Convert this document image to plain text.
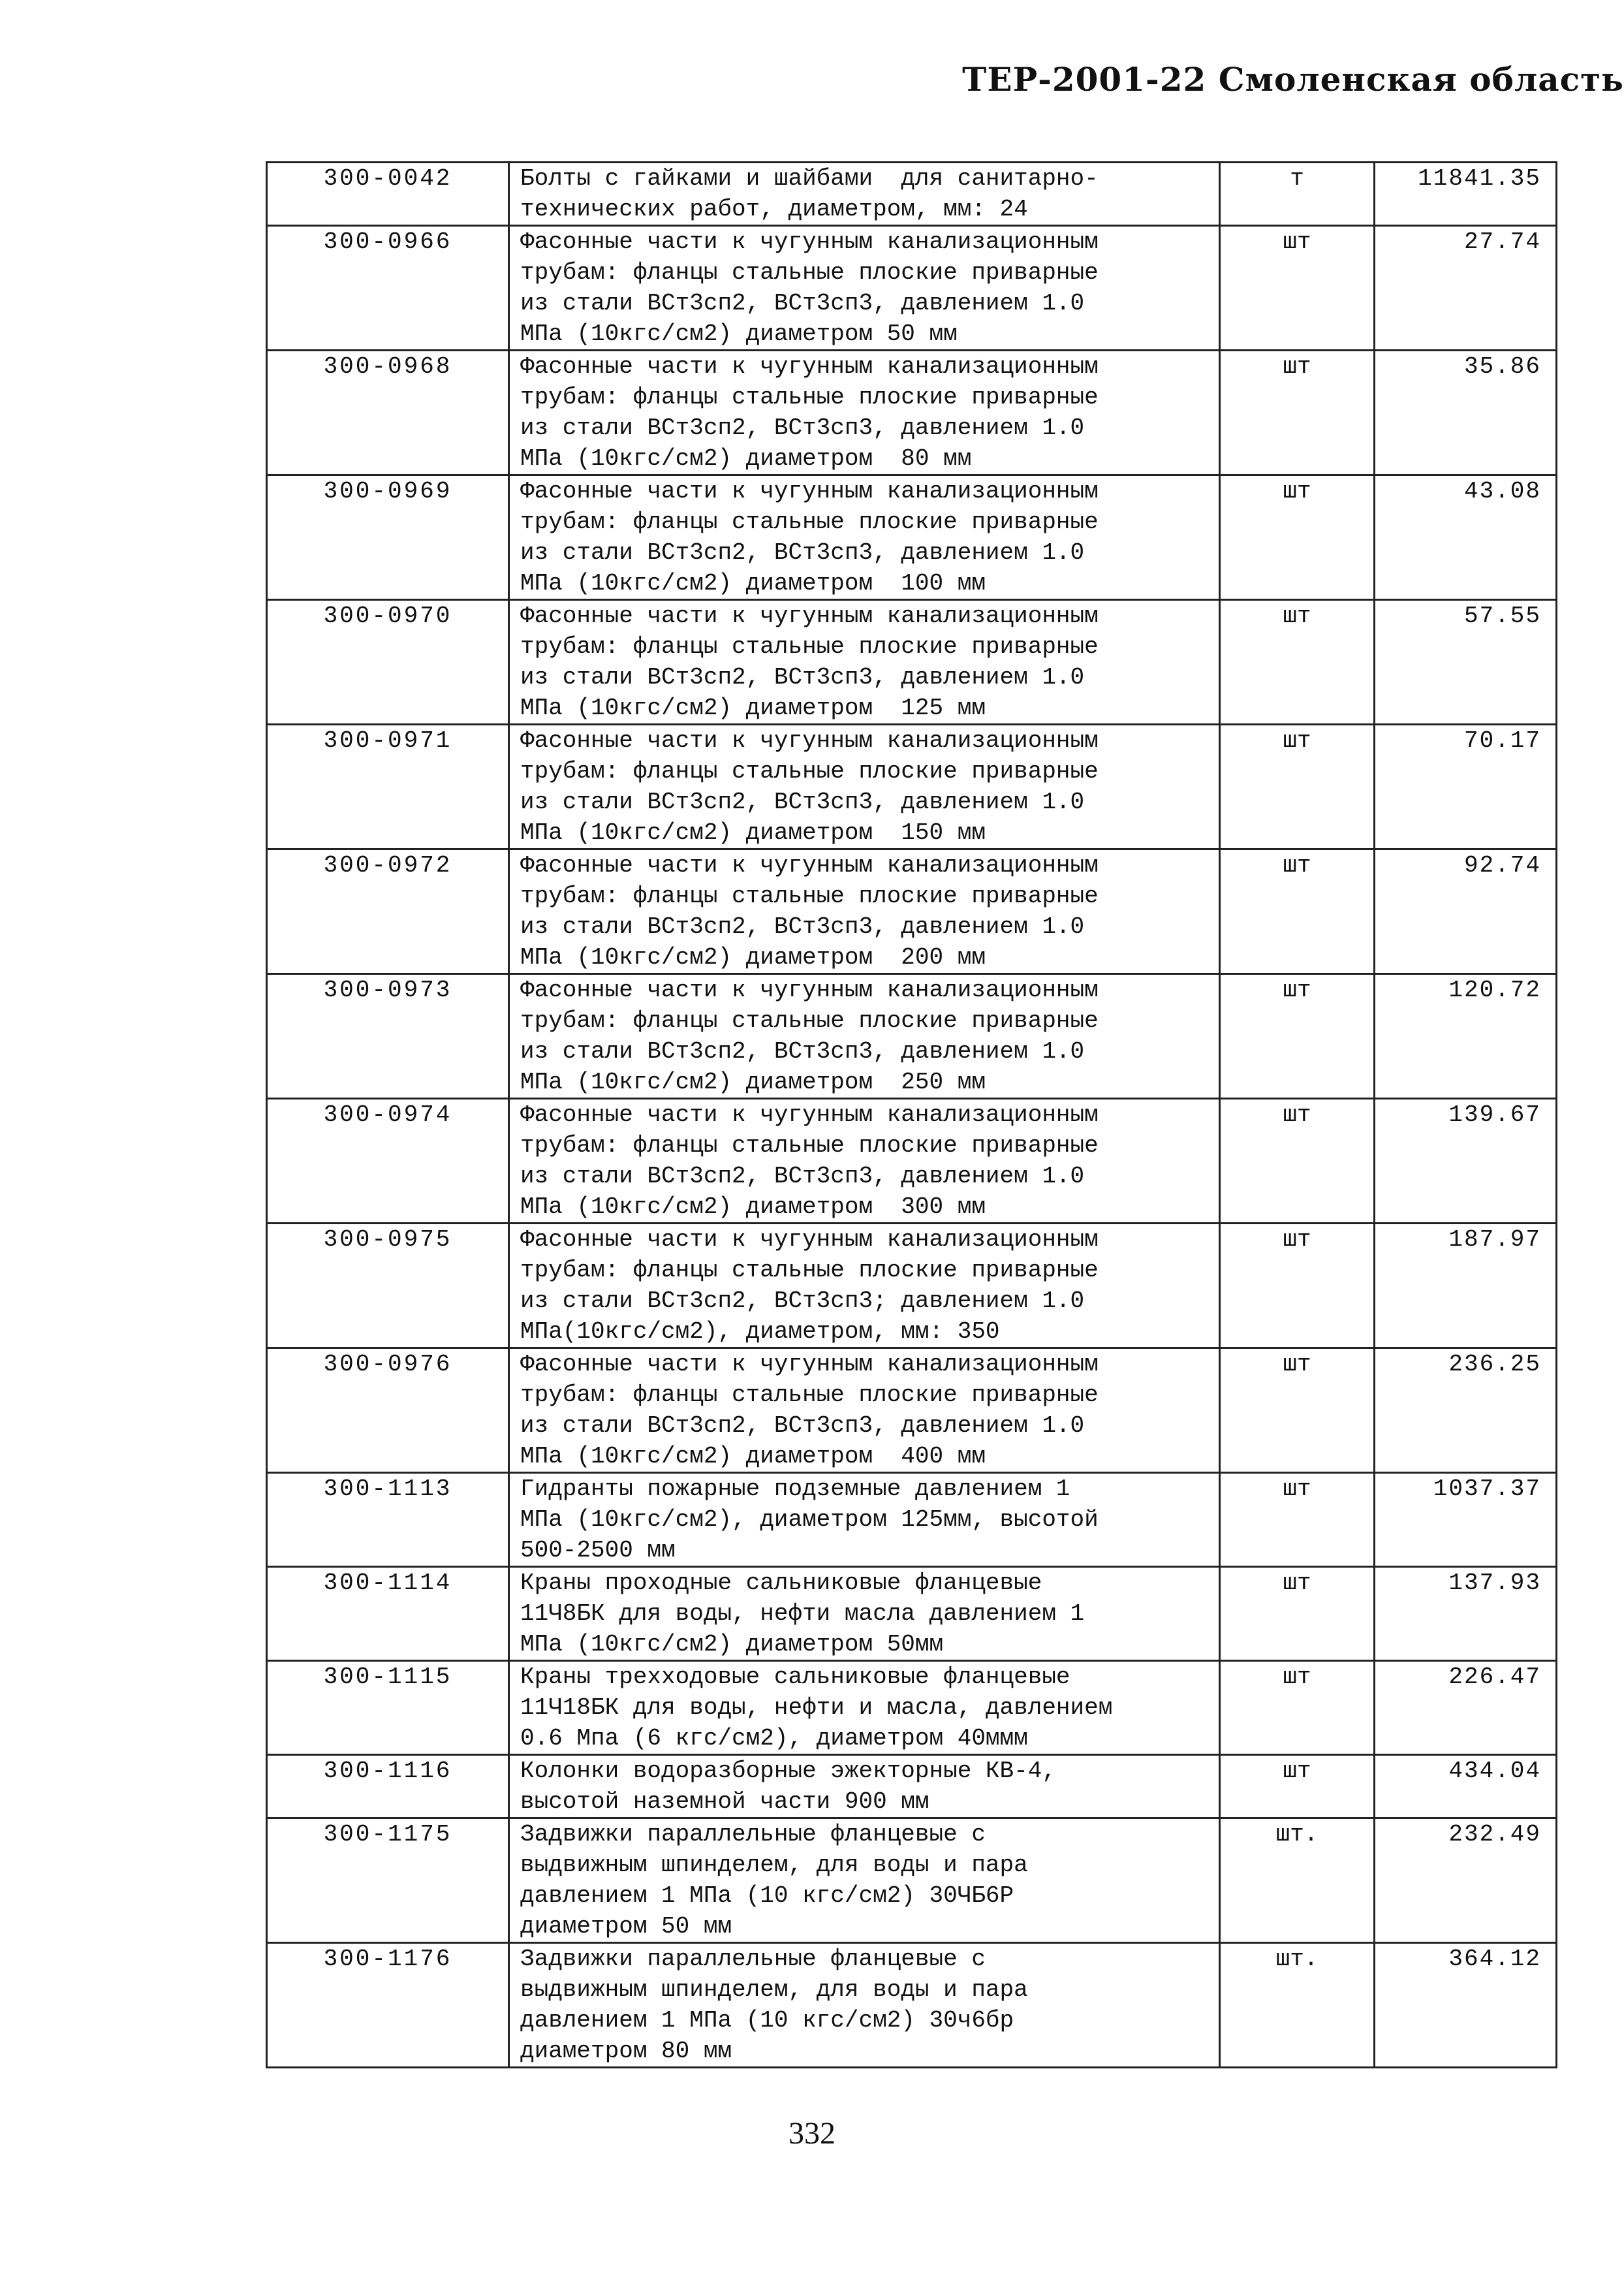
ТЕР-2001-22 Смоленская область
300-0042	Болты с гайками и шайбами  для санитарно-
технических работ, диаметром, мм: 24	т	11841.35
300-0966	Фасонные части к чугунным канализационным
трубам: фланцы стальные плоские приварные
из стали ВСт3сп2, ВСт3сп3, давлением 1.0
МПа (10кгс/см2) диаметром 50 мм	шт	27.74
300-0968	Фасонные части к чугунным канализационным
трубам: фланцы стальные плоские приварные
из стали ВСт3сп2, ВСт3сп3, давлением 1.0
МПа (10кгс/см2) диаметром  80 мм	шт	35.86
300-0969	Фасонные части к чугунным канализационным
трубам: фланцы стальные плоские приварные
из стали ВСт3сп2, ВСт3сп3, давлением 1.0
МПа (10кгс/см2) диаметром  100 мм	шт	43.08
300-0970	Фасонные части к чугунным канализационным
трубам: фланцы стальные плоские приварные
из стали ВСт3сп2, ВСт3сп3, давлением 1.0
МПа (10кгс/см2) диаметром  125 мм	шт	57.55
300-0971	Фасонные части к чугунным канализационным
трубам: фланцы стальные плоские приварные
из стали ВСт3сп2, ВСт3сп3, давлением 1.0
МПа (10кгс/см2) диаметром  150 мм	шт	70.17
300-0972	Фасонные части к чугунным канализационным
трубам: фланцы стальные плоские приварные
из стали ВСт3сп2, ВСт3сп3, давлением 1.0
МПа (10кгс/см2) диаметром  200 мм	шт	92.74
300-0973	Фасонные части к чугунным канализационным
трубам: фланцы стальные плоские приварные
из стали ВСт3сп2, ВСт3сп3, давлением 1.0
МПа (10кгс/см2) диаметром  250 мм	шт	120.72
300-0974	Фасонные части к чугунным канализационным
трубам: фланцы стальные плоские приварные
из стали ВСт3сп2, ВСт3сп3, давлением 1.0
МПа (10кгс/см2) диаметром  300 мм	шт	139.67
300-0975	Фасонные части к чугунным канализационным
трубам: фланцы стальные плоские приварные
из стали ВСт3сп2, ВСт3сп3; давлением 1.0
МПа(10кгс/см2), диаметром, мм: 350	шт	187.97
300-0976	Фасонные части к чугунным канализационным
трубам: фланцы стальные плоские приварные
из стали ВСт3сп2, ВСт3сп3, давлением 1.0
МПа (10кгс/см2) диаметром  400 мм	шт	236.25
300-1113	Гидранты пожарные подземные давлением 1
МПа (10кгс/см2), диаметром 125мм, высотой
500-2500 мм	шт	1037.37
300-1114	Краны проходные сальниковые фланцевые
11Ч8БК для воды, нефти масла давлением 1
МПа (10кгс/см2) диаметром 50мм	шт	137.93
300-1115	Краны трехходовые сальниковые фланцевые
11Ч18БК для воды, нефти и масла, давлением
0.6 Мпа (6 кгс/см2), диаметром 40ммм	шт	226.47
300-1116	Колонки водоразборные эжекторные КВ-4,
высотой наземной части 900 мм	шт	434.04
300-1175	Задвижки параллельные фланцевые с
выдвижным шпинделем, для воды и пара
давлением 1 МПа (10 кгс/см2) 30ЧБ6Р
диаметром 50 мм	шт.	232.49
300-1176	Задвижки параллельные фланцевые с
выдвижным шпинделем, для воды и пара
давлением 1 МПа (10 кгс/см2) 30ч6бр
диаметром 80 мм	шт.	364.12
332
